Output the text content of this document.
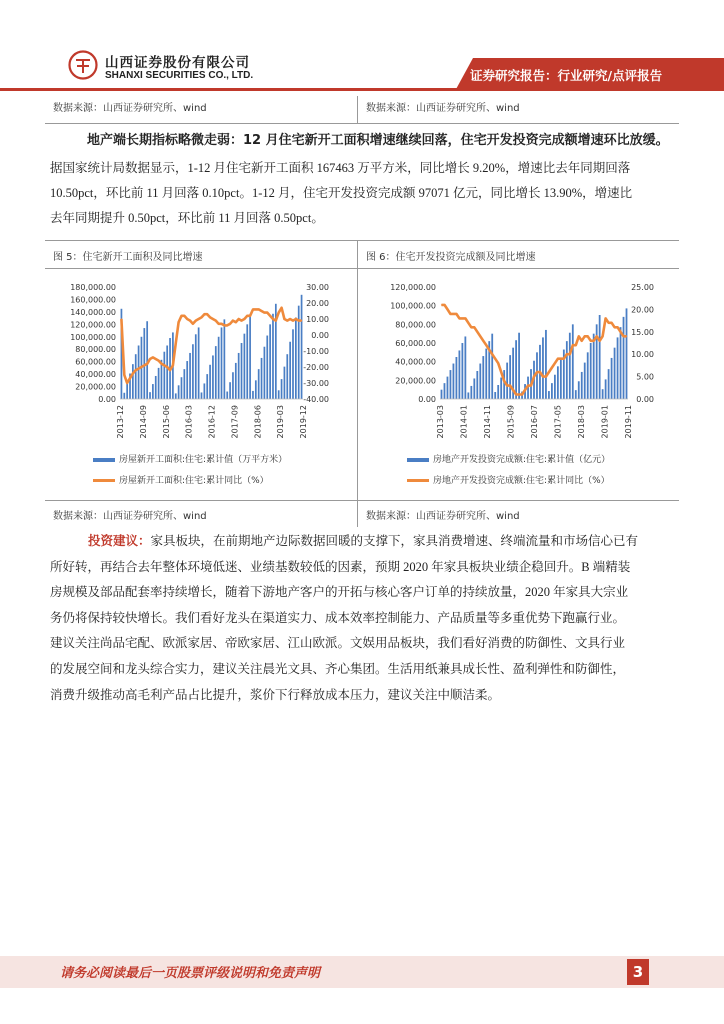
山西证券股份有限公司
SHANXI SECURITIES CO., LTD.	证券研究报告：行业研究/点评报告
数据来源：山西证券研究所、wind	数据来源：山西证券研究所、wind
地产端长期指标略微走弱：12 月住宅新开工面积增速继续回落，住宅开发投资完成额增速环比放缓。
据国家统计局数据显示，1-12 月住宅新开工面积 167463 万平方米，同比增长 9.20%，增速比去年同期回落
10.50pct，环比前 11 月回落 0.10pct。1-12 月，住宅开发投资完成额 97071 亿元，同比增长 13.90%，增速比
去年同期提升 0.50pct，环比前 11 月回落 0.50pct。
图 5：住宅新开工面积及同比增速	图 6：住宅开发投资完成额及同比增速
180,000.00
160,000.00
140,000.00
120,000.00
100,000.00
80,000.00
60,000.00
40,000.00
20,000.00
0.00
30.00
20.00
10.00
0.00
-10.00
-20.00
-30.00
-40.00
2013-12 2014-09 2015-06 2016-03 2016-12 2017-09 2018-06 2019-03 2019-12
120,000.00
100,000.00
80,000.00
60,000.00
40,000.00
20,000.00
0.00
25.00
20.00
15.00
10.00
5.00
0.00
2013-03 2014-01 2014-11 2015-09 2016-07 2017-05 2018-03 2019-01 2019-11
房屋新开工面积:住宅:累计值（万平方米）
房屋新开工面积:住宅:累计同比（%）
房地产开发投资完成额:住宅:累计值（亿元）
房地产开发投资完成额:住宅:累计同比（%）
数据来源：山西证券研究所、wind	数据来源：山西证券研究所、wind
投资建议：家具板块，在前期地产边际数据回暖的支撑下，家具消费增速、终端流量和市场信心已有
所好转，再结合去年整体环境低迷、业绩基数较低的因素，预期 2020 年家具板块业绩企稳回升。B 端精装
房规模及部品配套率持续增长，随着下游地产客户的开拓与核心客户订单的持续放量，2020 年家具大宗业
务仍将保持较快增长。我们看好龙头在渠道实力、成本效率控制能力、产品质量等多重优势下跑赢行业。
建议关注尚品宅配、欧派家居、帝欧家居、江山欧派。文娱用品板块，我们看好消费的防御性、文具行业
的发展空间和龙头综合实力，建议关注晨光文具、齐心集团。生活用纸兼具成长性、盈利弹性和防御性，
消费升级推动高毛利产品占比提升，浆价下行释放成本压力，建议关注中顺洁柔。
请务必阅读最后一页股票评级说明和免责声明	3
